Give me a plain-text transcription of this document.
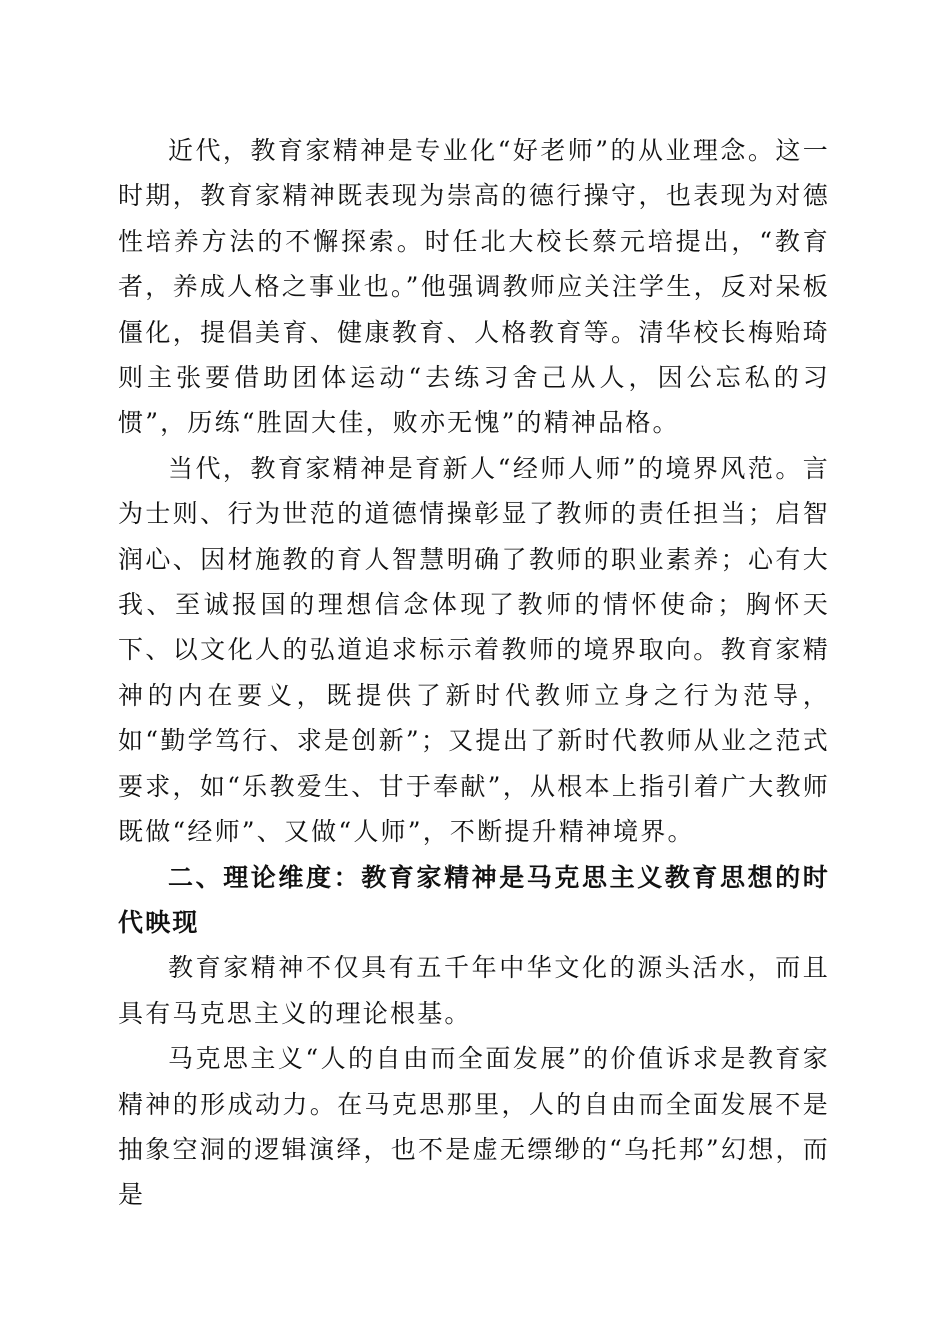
近代，教育家精神是专业化“好老师”的从业理念。这一时期，教育家精神既表现为崇高的德行操守，也表现为对德性培养方法的不懈探索。时任北大校长蔡元培提出，“教育者，养成人格之事业也。”他强调教师应关注学生，反对呆板僵化，提倡美育、健康教育、人格教育等。清华校长梅贻琦则主张要借助团体运动“去练习舍己从人，因公忘私的习惯”，历练“胜固大佳，败亦无愧”的精神品格。

当代，教育家精神是育新人“经师人师”的境界风范。言为士则、行为世范的道德情操彰显了教师的责任担当；启智润心、因材施教的育人智慧明确了教师的职业素养；心有大我、至诚报国的理想信念体现了教师的情怀使命；胸怀天下、以文化人的弘道追求标示着教师的境界取向。教育家精神的内在要义，既提供了新时代教师立身之行为范导，如“勤学笃行、求是创新”；又提出了新时代教师从业之范式要求，如“乐教爱生、甘于奉献”，从根本上指引着广大教师既做“经师”、又做“人师”，不断提升精神境界。

二、理论维度：教育家精神是马克思主义教育思想的时代映现

教育家精神不仅具有五千年中华文化的源头活水，而且具有马克思主义的理论根基。

马克思主义“人的自由而全面发展”的价值诉求是教育家精神的形成动力。在马克思那里，人的自由而全面发展不是抽象空洞的逻辑演绎，也不是虚无缥缈的“乌托邦”幻想，而是
